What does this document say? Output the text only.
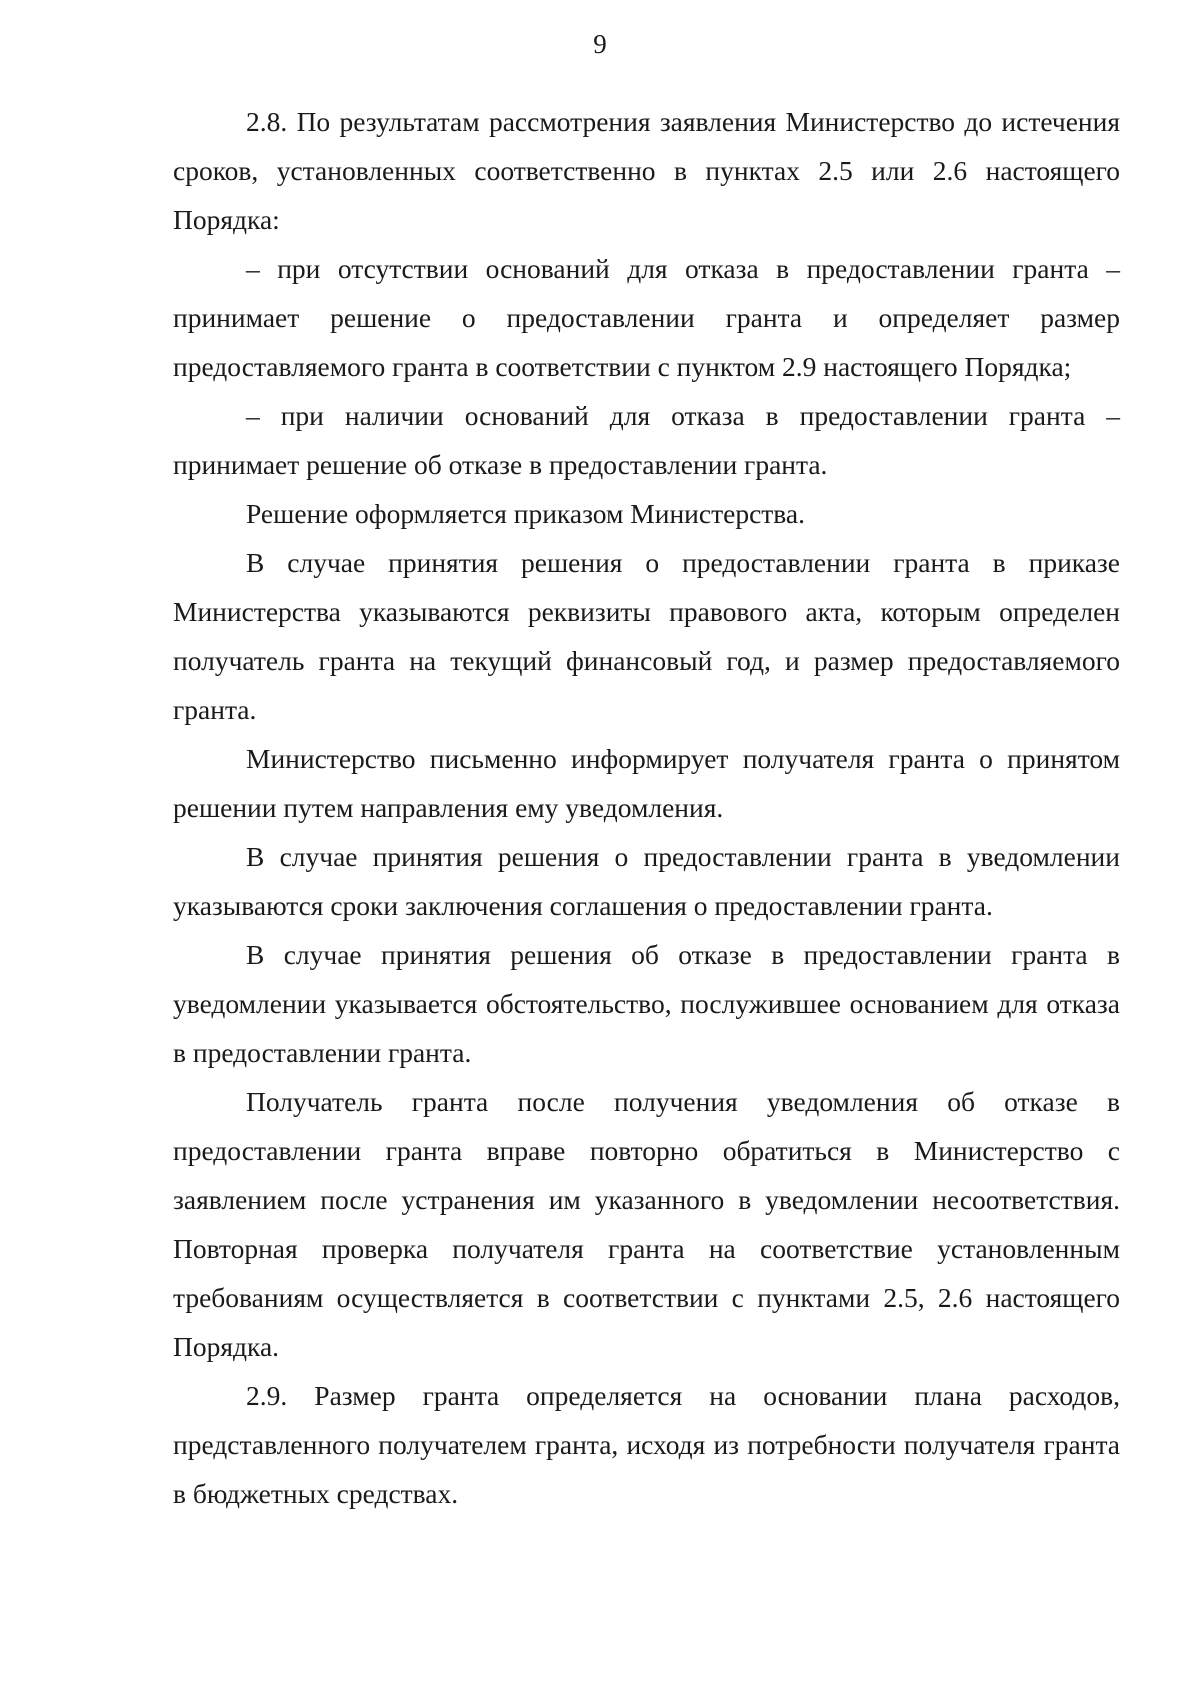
9

2.8. По результатам рассмотрения заявления Министерство до истечения сроков, установленных соответственно в пунктах 2.5 или 2.6 настоящего Порядка:

– при отсутствии оснований для отказа в предоставлении гранта – принимает решение о предоставлении гранта и определяет размер предоставляемого гранта в соответствии с пунктом 2.9 настоящего Порядка;

– при наличии оснований для отказа в предоставлении гранта – принимает решение об отказе в предоставлении гранта.

Решение оформляется приказом Министерства.

В случае принятия решения о предоставлении гранта в приказе Министерства указываются реквизиты правового акта, которым определен получатель гранта на текущий финансовый год, и размер предоставляемого гранта.

Министерство письменно информирует получателя гранта о принятом решении путем направления ему уведомления.

В случае принятия решения о предоставлении гранта в уведомлении указываются сроки заключения соглашения о предоставлении гранта.

В случае принятия решения об отказе в предоставлении гранта в уведомлении указывается обстоятельство, послужившее основанием для отказа в предоставлении гранта.

Получатель гранта после получения уведомления об отказе в предоставлении гранта вправе повторно обратиться в Министерство с заявлением после устранения им указанного в уведомлении несоответствия. Повторная проверка получателя гранта на соответствие установленным требованиям осуществляется в соответствии с пунктами 2.5, 2.6 настоящего Порядка.

2.9. Размер гранта определяется на основании плана расходов, представленного получателем гранта, исходя из потребности получателя гранта в бюджетных средствах.
